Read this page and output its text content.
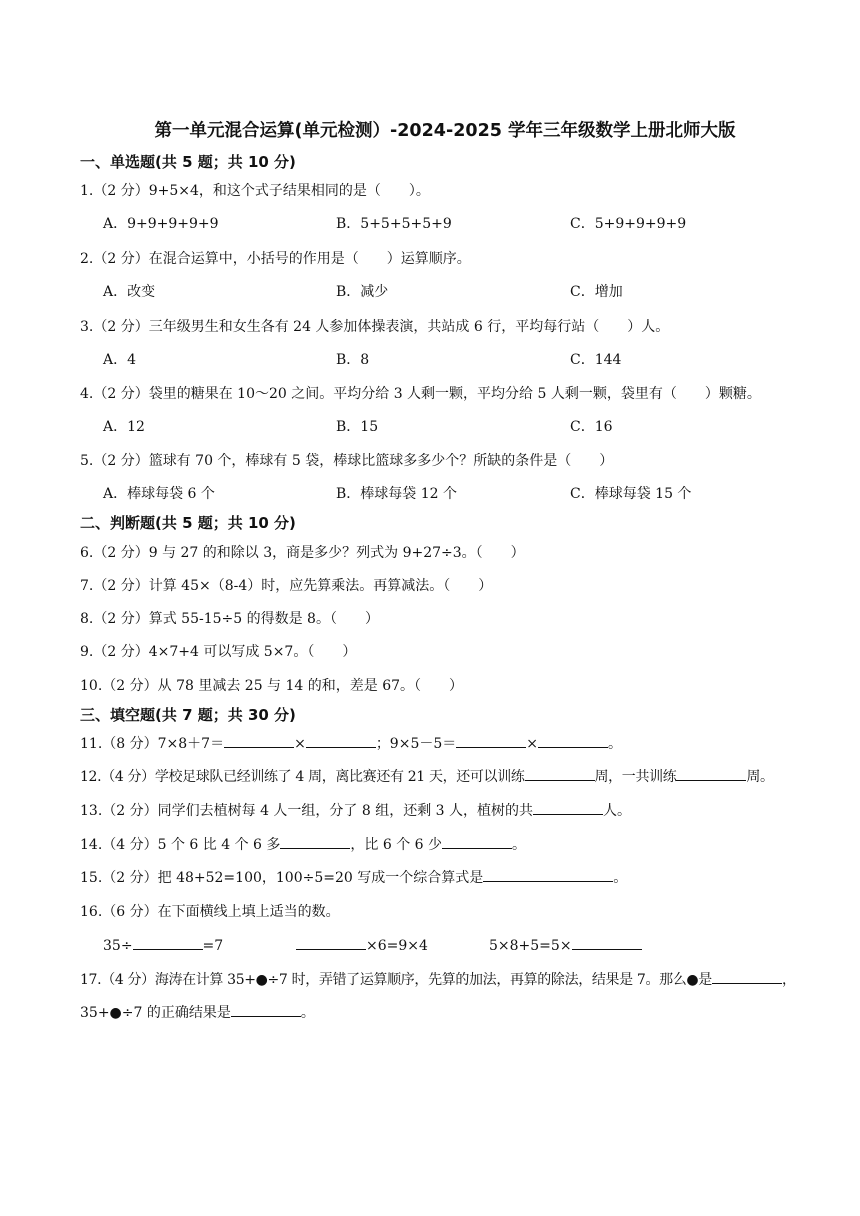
第一单元混合运算(单元检测）-2024-2025 学年三年级数学上册北师大版
一、单选题(共 5 题；共 10 分)
1.（2 分）9+5×4，和这个式子结果相同的是（　　）。
A．9+9+9+9+9	B．5+5+5+5+9	C．5+9+9+9+9
2.（2 分）在混合运算中，小括号的作用是（　　）运算顺序。
A．改变	B．减少	C．增加
3.（2 分）三年级男生和女生各有 24 人参加体操表演，共站成 6 行，平均每行站（　　）人。
A．4	B．8	C．144
4.（2 分）袋里的糖果在 10～20 之间。平均分给 3 人剩一颗，平均分给 5 人剩一颗，袋里有（　　）颗糖。
A．12	B．15	C．16
5.（2 分）篮球有 70 个，棒球有 5 袋，棒球比篮球多多少个？所缺的条件是（　　）
A．棒球每袋 6 个	B．棒球每袋 12 个	C．棒球每袋 15 个
二、判断题(共 5 题；共 10 分)
6.（2 分）9 与 27 的和除以 3，商是多少？列式为 9+27÷3。（　　）
7.（2 分）计算 45×（8-4）时，应先算乘法。再算减法。（　　）
8.（2 分）算式 55-15÷5 的得数是 8。（　　）
9.（2 分）4×7+4 可以写成 5×7。（　　）
10.（2 分）从 78 里减去 25 与 14 的和，差是 67。（　　）
三、填空题(共 7 题；共 30 分)
11.（8 分）7×8＋7＝	×	；9×5－5＝	×	。
12.（4 分）学校足球队已经训练了 4 周，离比赛还有 21 天，还可以训练	周，一共训练	周。
13.（2 分）同学们去植树每 4 人一组，分了 8 组，还剩 3 人，植树的共	人。
14.（4 分）5 个 6 比 4 个 6 多	，比 6 个 6 少	。
15.（2 分）把 48+52=100，100÷5=20 写成一个综合算式是	。
16.（6 分）在下面横线上填上适当的数。
35÷	=7	×6=9×4	5×8+5=5×
17.（4 分）海涛在计算 35+●÷7 时，弄错了运算顺序，先算的加法，再算的除法，结果是 7。那么●是	，
35+●÷7 的正确结果是	。
